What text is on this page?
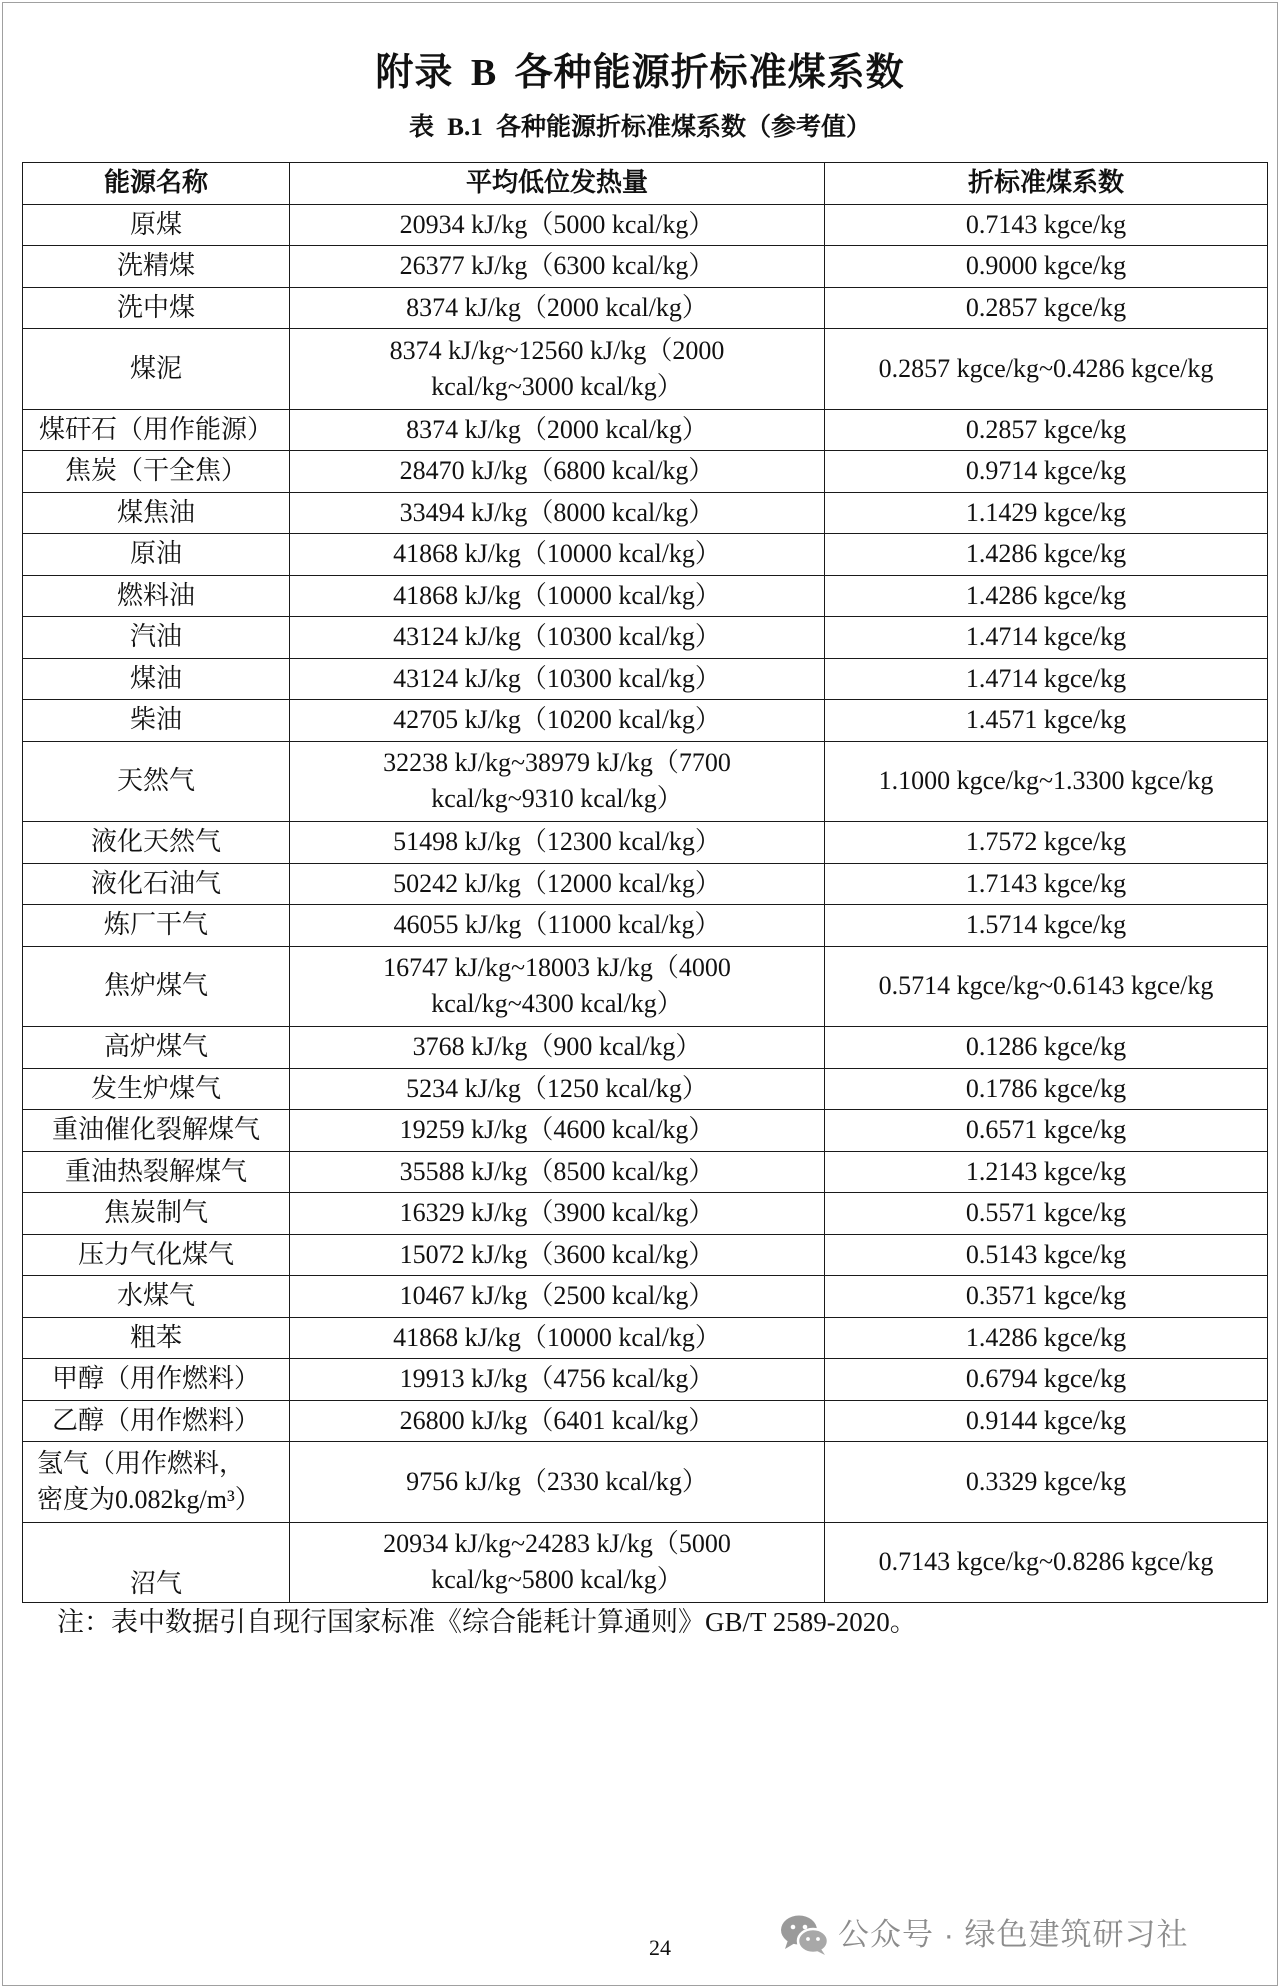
附录 B 各种能源折标准煤系数
表 B.1 各种能源折标准煤系数（参考值）
能源名称	平均低位发热量	折标准煤系数
原煤	20934 kJ/kg（5000 kcal/kg）	0.7143 kgce/kg
洗精煤	26377 kJ/kg（6300 kcal/kg）	0.9000 kgce/kg
洗中煤	8374 kJ/kg（2000 kcal/kg）	0.2857 kgce/kg
煤泥	8374 kJ/kg~12560 kJ/kg（2000
kcal/kg~3000 kcal/kg）	0.2857 kgce/kg~0.4286 kgce/kg
煤矸石（用作能源）	8374 kJ/kg（2000 kcal/kg）	0.2857 kgce/kg
焦炭（干全焦）	28470 kJ/kg（6800 kcal/kg）	0.9714 kgce/kg
煤焦油	33494 kJ/kg（8000 kcal/kg）	1.1429 kgce/kg
原油	41868 kJ/kg（10000 kcal/kg）	1.4286 kgce/kg
燃料油	41868 kJ/kg（10000 kcal/kg）	1.4286 kgce/kg
汽油	43124 kJ/kg（10300 kcal/kg）	1.4714 kgce/kg
煤油	43124 kJ/kg（10300 kcal/kg）	1.4714 kgce/kg
柴油	42705 kJ/kg（10200 kcal/kg）	1.4571 kgce/kg
天然气	32238 kJ/kg~38979 kJ/kg（7700
kcal/kg~9310 kcal/kg）	1.1000 kgce/kg~1.3300 kgce/kg
液化天然气	51498 kJ/kg（12300 kcal/kg）	1.7572 kgce/kg
液化石油气	50242 kJ/kg（12000 kcal/kg）	1.7143 kgce/kg
炼厂干气	46055 kJ/kg（11000 kcal/kg）	1.5714 kgce/kg
焦炉煤气	16747 kJ/kg~18003 kJ/kg（4000
kcal/kg~4300 kcal/kg）	0.5714 kgce/kg~0.6143 kgce/kg
高炉煤气	3768 kJ/kg（900 kcal/kg）	0.1286 kgce/kg
发生炉煤气	5234 kJ/kg（1250 kcal/kg）	0.1786 kgce/kg
重油催化裂解煤气	19259 kJ/kg（4600 kcal/kg）	0.6571 kgce/kg
重油热裂解煤气	35588 kJ/kg（8500 kcal/kg）	1.2143 kgce/kg
焦炭制气	16329 kJ/kg（3900 kcal/kg）	0.5571 kgce/kg
压力气化煤气	15072 kJ/kg（3600 kcal/kg）	0.5143 kgce/kg
水煤气	10467 kJ/kg（2500 kcal/kg）	0.3571 kgce/kg
粗苯	41868 kJ/kg（10000 kcal/kg）	1.4286 kgce/kg
甲醇（用作燃料）	19913 kJ/kg（4756 kcal/kg）	0.6794 kgce/kg
乙醇（用作燃料）	26800 kJ/kg（6401 kcal/kg）	0.9144 kgce/kg

氢气（用作燃料，
密度为0.082kg/m³）	9756 kJ/kg（2330 kcal/kg）	0.3329 kgce/kg
沼气	20934 kJ/kg~24283 kJ/kg（5000
kcal/kg~5800 kcal/kg）	0.7143 kgce/kg~0.8286 kgce/kg
注：表中数据引自现行国家标准《综合能耗计算通则》GB/T 2589-2020。
24	公众号 · 绿色建筑研习社
